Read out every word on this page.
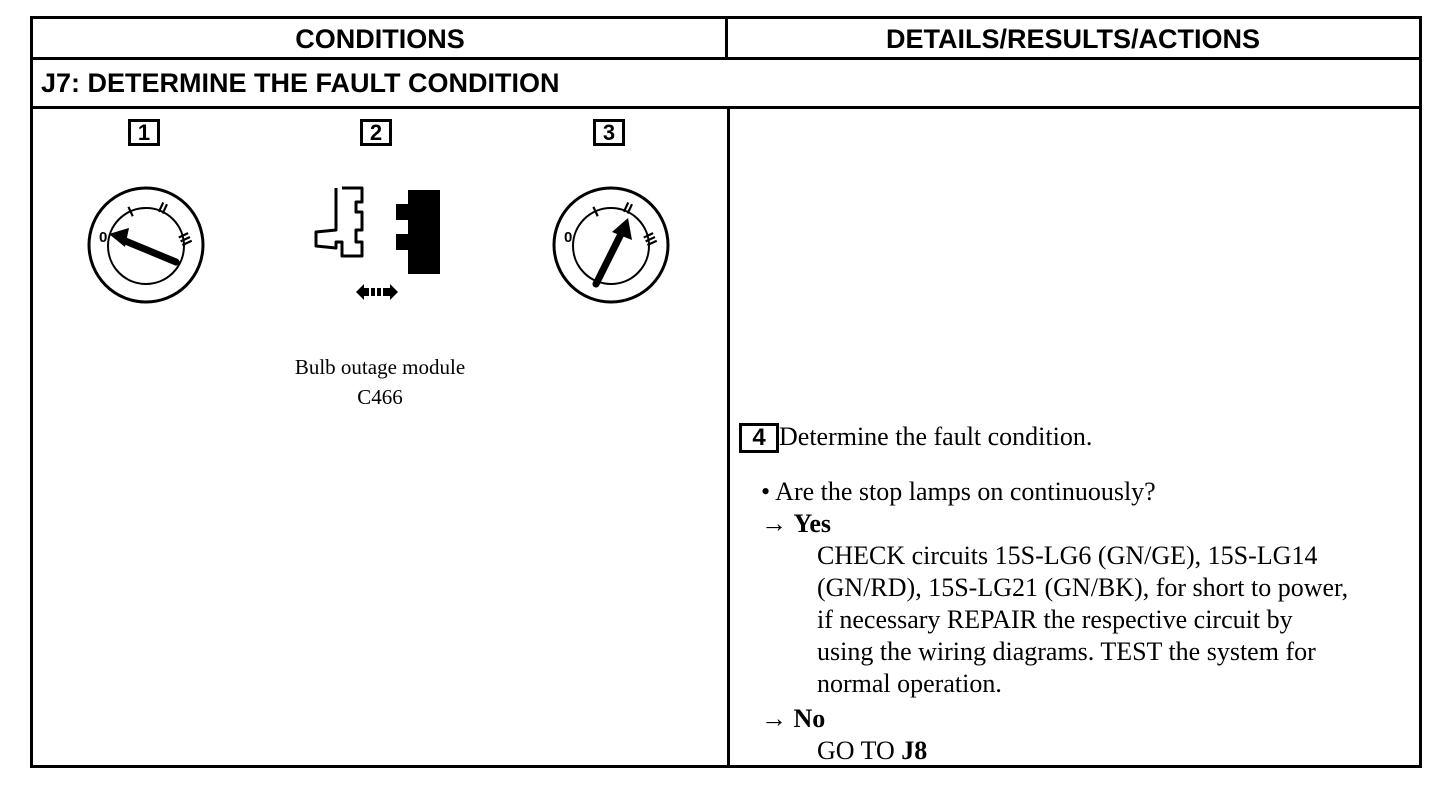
CONDITIONS	DETAILS/RESULTS/ACTIONS
J7: DETERMINE THE FAULT CONDITION
1	2	3
0
I II
III	0
I II
III
Bulb outage module
C466
4 Determine the fault condition.
• Are the stop lamps on continuously?
→ Yes
CHECK circuits 15S-LG6 (GN/GE), 15S-LG14
(GN/RD), 15S-LG21 (GN/BK), for short to power,
if necessary REPAIR the respective circuit by
using the wiring diagrams. TEST the system for
normal operation.
→ No
GO TO J8
